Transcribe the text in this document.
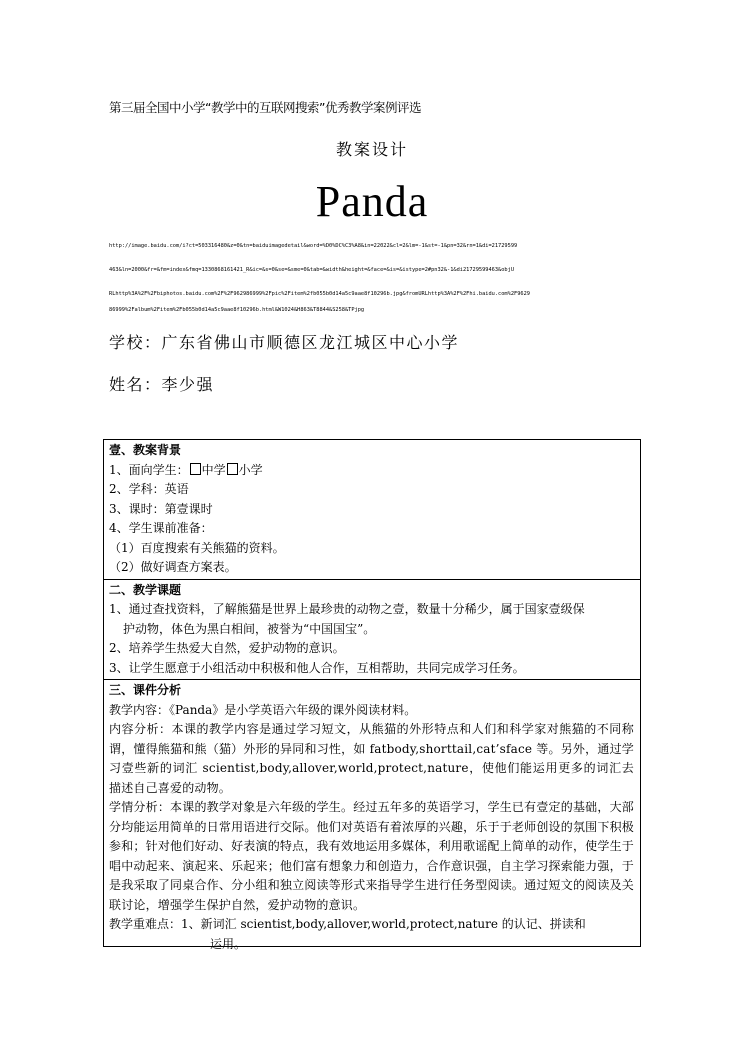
第三届全国中小学“教学中的互联网搜索”优秀教学案例评选
教案设计
Panda
http://image.baidu.com/i?ct=503316480&z=0&tn=baiduimagedetail&word=%D0%DC%C3%A8&in=22022&cl=2&lm=-1&st=-1&pn=32&rn=1&di=21729599
463&ln=2000&fr=&fm=index&fmq=1330868161421_R&ic=&s=0&se=&sme=0&tab=&width&height=&face=&is=&istype=2#pn32&-1&di21729599463&objU
RLhttp%3A%2F%2Fbiphotos.baidu.com%2F%2F962986999%2Fpic%2Fitem%2fb055b0d14a5c9aae8f10296b.jpg&fromURLhttp%3A%2F%2Fhi.baidu.com%2F9629
86999%2Falbum%2Fitem%2Fb055b0d14a5c9aae8f10296b.html&W1024&H863&T8844&S258&TPjpg
学校：广东省佛山市顺德区龙江城区中心小学
姓名：李少强
壹、教案背景
1、面向学生： 中学 小学
2、学科：英语
3、课时：第壹课时
4、学生课前准备：
（1）百度搜索有关熊猫的资料。
（2）做好调查方案表。
二、教学课题
1、通过查找资料，了解熊猫是世界上最珍贵的动物之壹，数量十分稀少，属于国家壹级保
护动物，体色为黑白相间，被誉为“中国国宝”。
2、培养学生热爱大自然，爱护动物的意识。
3、让学生愿意于小组活动中积极和他人合作，互相帮助，共同完成学习任务。
三、课件分析
教学内容：《Panda》是小学英语六年级的课外阅读材料。
内容分析：本课的教学内容是通过学习短文，从熊猫的外形特点和人们和科学家对熊猫的不同称谓，懂得熊猫和熊（猫）外形的异同和习性，如 fatbody,shorttail,cat’sface 等。另外，通过学习壹些新的词汇 scientist,body,allover,world,protect,nature，使他们能运用更多的词汇去描述自己喜爱的动物。
学情分析：本课的教学对象是六年级的学生。经过五年多的英语学习，学生已有壹定的基础，大部分均能运用简单的日常用语进行交际。他们对英语有着浓厚的兴趣，乐于于老师创设的氛围下积极参和；针对他们好动、好表演的特点，我有效地运用多媒体，利用歌谣配上简单的动作，使学生于唱中动起来、演起来、乐起来；他们富有想象力和创造力，合作意识强，自主学习探索能力强，于是我采取了同桌合作、分小组和独立阅读等形式来指导学生进行任务型阅读。通过短文的阅读及关联讨论，增强学生保护自然，爱护动物的意识。
教学重难点：1、新词汇 scientist,body,allover,world,protect,nature 的认记、拼读和
运用。
